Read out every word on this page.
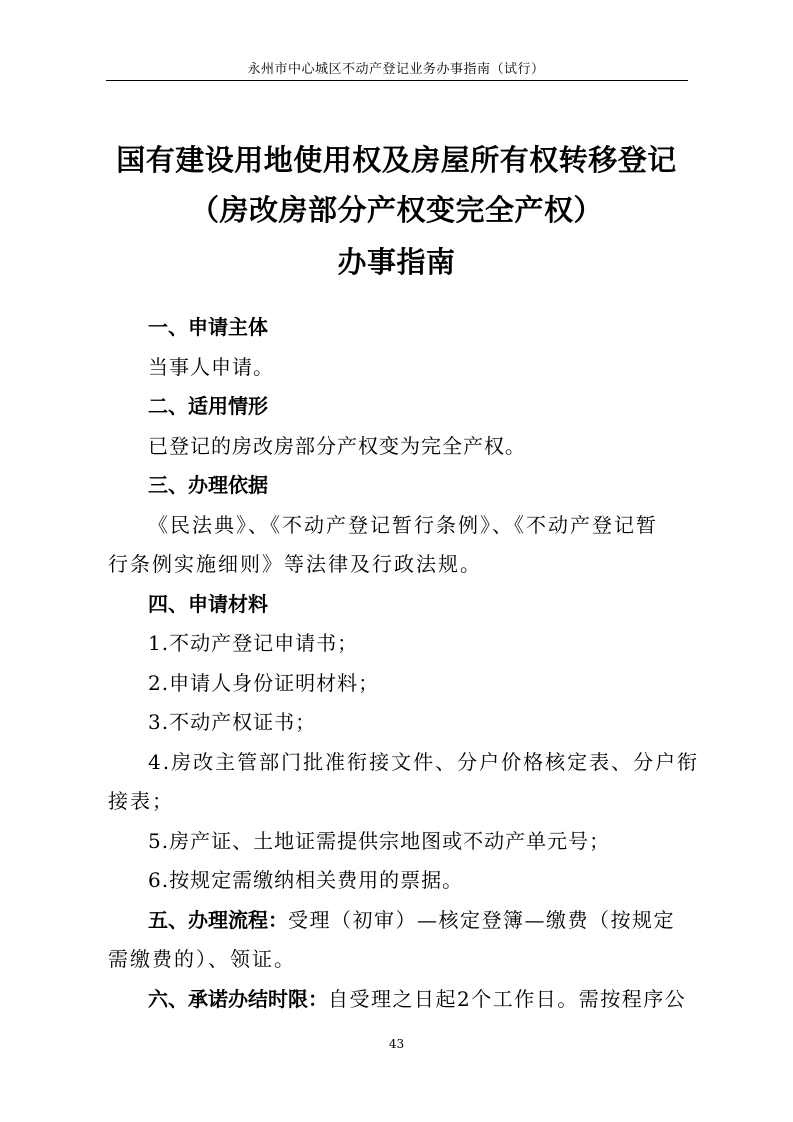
永州市中心城区不动产登记业务办事指南（试行）
国有建设用地使用权及房屋所有权转移登记
（房改房部分产权变完全产权）
办事指南

一、申请主体

当事人申请。

二、适用情形

已登记的房改房部分产权变为完全产权。

三、办理依据

《民法典》、《不动产登记暂行条例》、《不动产登记暂

行条例实施细则》等法律及行政法规。

四、申请材料

1.不动产登记申请书；

2.申请人身份证明材料；

3.不动产权证书；

4.房改主管部门批准衔接文件、分户价格核定表、分户衔

接表；

5.房产证、土地证需提供宗地图或不动产单元号；

6.按规定需缴纳相关费用的票据。

五、办理流程：受理（初审）—核定登簿—缴费（按规定

需缴费的）、领证。

六、承诺办结时限：自受理之日起2个工作日。需按程序公

43
